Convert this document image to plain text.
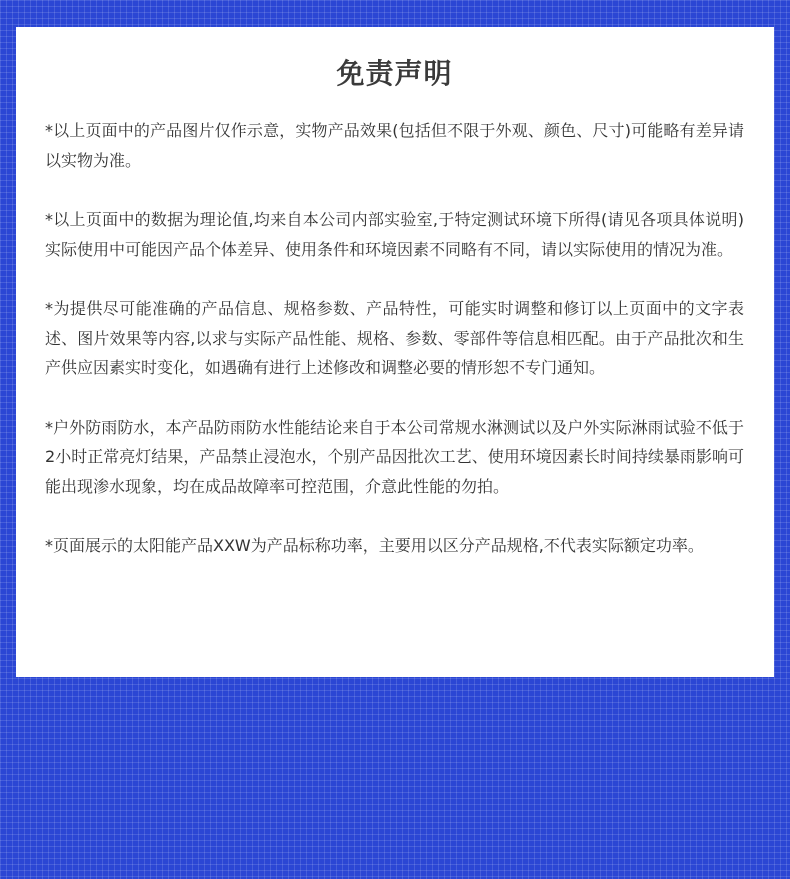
免责声明

*以上页面中的产品图片仅作示意，实物产品效果(包括但不限于外观、颜色、尺寸)可能略有差异请以实物为准。

*以上页面中的数据为理论值,均来自本公司内部实验室,于特定测试环境下所得(请见各项具体说明)实际使用中可能因产品个体差异、使用条件和环境因素不同略有不同，请以实际使用的情况为准。

*为提供尽可能准确的产品信息、规格参数、产品特性，可能实时调整和修订以上页面中的文字表述、图片效果等内容,以求与实际产品性能、规格、参数、零部件等信息相匹配。由于产品批次和生产供应因素实时变化，如遇确有进行上述修改和调整必要的情形恕不专门通知。

*户外防雨防水，本产品防雨防水性能结论来自于本公司常规水淋测试以及户外实际淋雨试验不低于2小时正常亮灯结果，产品禁止浸泡水，个别产品因批次工艺、使用环境因素长时间持续暴雨影响可能出现渗水现象，均在成品故障率可控范围，介意此性能的勿拍。

*页面展示的太阳能产品XXW为产品标称功率，主要用以区分产品规格,不代表实际额定功率。
